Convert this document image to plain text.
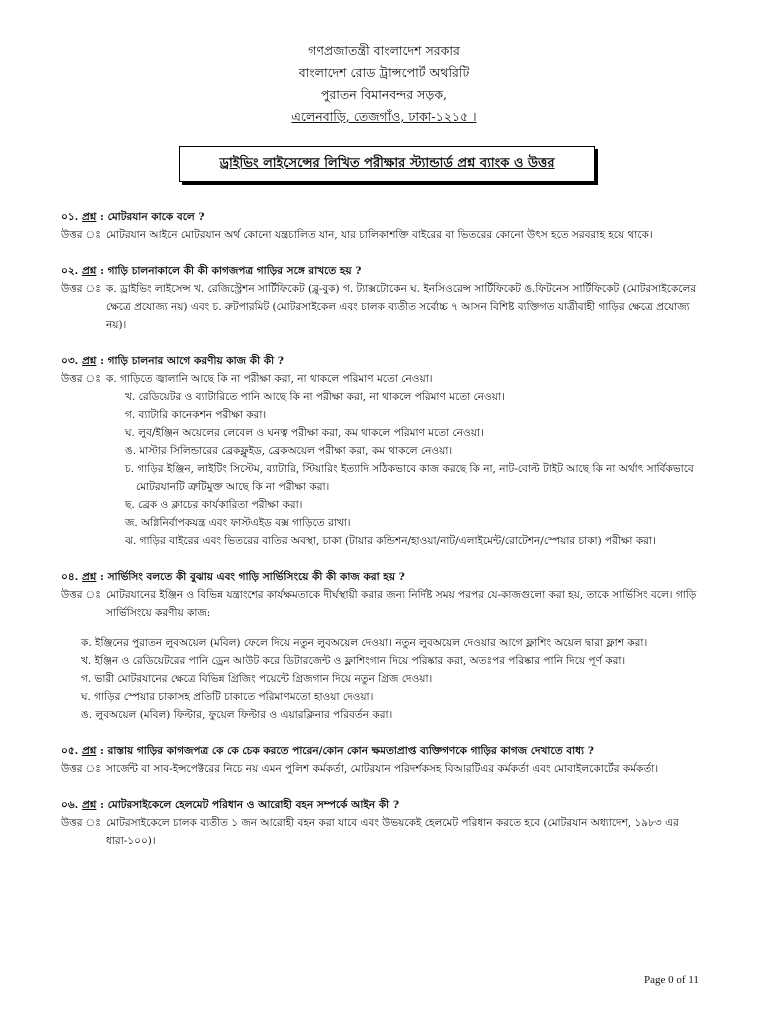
গণপ্রজাতন্ত্রী বাংলাদেশ সরকার
বাংলাদেশ রোড ট্রান্সপোর্ট অথরিটি
পুরাতন বিমানবন্দর সড়ক,
এলেনবাড়ি, তেজগাঁও, ঢাকা-১২১৫ ।
ড্রাইভিং লাইসেন্সের লিখিত পরীক্ষার স্ট্যান্ডার্ড প্রশ্ন ব্যাংক ও উত্তর
০১. প্রশ্ন : মোটরযান কাকে বলে ?
উত্তর ঃ মোটরযান আইনে মোটরযান অর্থ কোনো যন্ত্রচালিত যান, যার চালিকাশক্তি বাইরের বা ভিতরের কোনো উৎস হতে সরবরাহ হয়ে থাকে।
০২. প্রশ্ন : গাড়ি চালনাকালে কী কী কাগজপত্র গাড়ির সঙ্গে রাখতে হয় ?
উত্তর ঃ ক. ড্রাইভিং লাইসেন্স খ. রেজিস্ট্রেশন সার্টিফিকেট (ব্লু-বুক) গ. ট্যাক্সটোকেন ঘ. ইনসিওরেন্স সার্টিফিকেট ঙ.ফিটনেস সার্টিফিকেট (মোটরসাইকেলের ক্ষেত্রে প্রযোজ্য নয়) এবং চ. রুটপারমিট (মোটরসাইকেল এবং চালক ব্যতীত সর্বোচ্চ ৭ আসন বিশিষ্ট ব্যক্তিগত যাত্রীবাহী গাড়ির ক্ষেত্রে প্রযোজ্য নয়)।
০৩. প্রশ্ন : গাড়ি চালনার আগে করণীয় কাজ কী কী ?
উত্তর ঃ ক. গাড়িতে জ্বালানি আছে কি না পরীক্ষা করা, না থাকলে পরিমাণ মতো নেওয়া।
খ. রেডিয়েটর ও ব্যাটারিতে পানি আছে কি না পরীক্ষা করা, না থাকলে পরিমাণ মতো নেওয়া।
গ. ব্যাটারি কানেকশন পরীক্ষা করা।
ঘ. লুব/ইঞ্জিন অয়েলের লেবেল ও ঘনত্ব পরীক্ষা করা, কম থাকলে পরিমাণ মতো নেওয়া।
ঙ. মাস্টার সিলিন্ডারের ব্রেকফ্লুইড, ব্রেকঅয়েল পরীক্ষা করা, কম থাকলে নেওয়া।
চ. গাড়ির ইঞ্জিন, লাইটিং সিস্টেম, ব্যাটারি, স্টিয়ারিং ইত্যাদি সঠিকভাবে কাজ করছে কি না, নাট-বোল্ট টাইট আছে কি না অর্থাৎ সার্বিকভাবে মোটরযানটি ত্রুটিমুক্ত আছে কি না পরীক্ষা করা।
ছ. ব্রেক ও ক্লাচের কার্যকারিতা পরীক্ষা করা।
জ. অগ্নিনির্বাপকযন্ত্র এবং ফাস্টএইড বক্স গাড়িতে রাখা।
ঝ. গাড়ির বাইরের এবং ভিতরের বাতির অবস্থা, চাকা (টায়ার কন্ডিশন/হাওয়া/নাট/এলাইমেন্ট/রোটেশন/স্পেয়ার চাকা) পরীক্ষা করা।
০৪. প্রশ্ন : সার্ভিসিং বলতে কী বুঝায় এবং গাড়ি সার্ভিসিংয়ে কী কী কাজ করা হয় ?
উত্তর ঃ মোটরযানের ইঞ্জিন ও বিভিন্ন যন্ত্রাংশের কার্যক্ষমতাকে দীর্ঘস্থায়ী করার জন্য নির্দিষ্ট সময় পরপর যে-কাজগুলো করা হয়, তাকে সার্ভিসিং বলে। গাড়ি সার্ভিসিংয়ে করণীয় কাজ:
ক. ইঞ্জিনের পুরাতন লুবঅয়েল (মবিল) ফেলে দিয়ে নতুন লুবঅয়েল দেওয়া। নতুন লুবঅয়েল দেওয়ার আগে ফ্লাশিং অয়েল দ্বারা ফ্লাশ করা।
খ. ইঞ্জিন ও রেডিয়েটরের পানি ড্রেন আউট করে ডিটারজেন্ট ও ফ্লাশিংগান দিয়ে পরিষ্কার করা, অতঃপর পরিষ্কার পানি দিয়ে পূর্ণ করা।
গ. ভারী মোটরযানের ক্ষেত্রে বিভিন্ন গ্রিজিং পয়েন্টে গ্রিজগান দিয়ে নতুন গ্রিজ দেওয়া।
ঘ. গাড়ির স্পেয়ার চাকাসহ প্রতিটি চাকাতে পরিমাণমতো হাওয়া দেওয়া।
ঙ. লুবঅয়েল (মবিল) ফিল্টার, ফুয়েল ফিল্টার ও এয়ারক্লিনার পরিবর্তন করা।
০৫. প্রশ্ন : রাস্তায় গাড়ির কাগজপত্র কে কে চেক করতে পারেন/কোন কোন ক্ষমতাপ্রাপ্ত ব্যক্তিগণকে গাড়ির কাগজ দেখাতে বাধ্য ?
উত্তর ঃ সার্জেন্ট বা সাব-ইন্সপেক্টরের নিচে নয় এমন পুলিশ কর্মকর্তা, মোটরযান পরিদর্শকসহ বিআরটিএর কর্মকর্তা এবং মোবাইলকোর্টের কর্মকর্তা।
০৬. প্রশ্ন : মোটরসাইকেলে হেলমেট পরিধান ও আরোহী বহন সম্পর্কে আইন কী ?
উত্তর ঃ মোটরসাইকেলে চালক ব্যতীত ১ জন আরোহী বহন করা যাবে এবং উভয়কেই হেলমেট পরিধান করতে হবে (মোটরযান অধ্যাদেশ, ১৯৮৩ এর ধারা-১০০)।
Page 0 of 11
